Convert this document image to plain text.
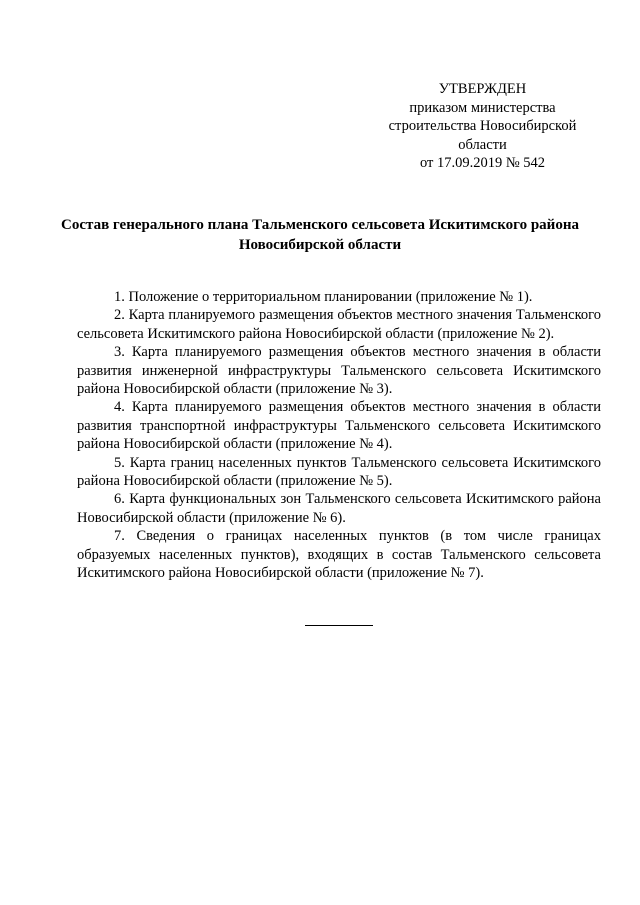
УТВЕРЖДЕН
приказом министерства
строительства Новосибирской
области
от 17.09.2019 № 542
Состав генерального плана Тальменского сельсовета Искитимского района
Новосибирской области

1. Положение о территориальном планировании (приложение № 1).

2. Карта планируемого размещения объектов местного значения Тальменского сельсовета Искитимского района Новосибирской области (приложение № 2).

3. Карта планируемого размещения объектов местного значения в области развития инженерной инфраструктуры Тальменского сельсовета Искитимского района Новосибирской области (приложение № 3).

4. Карта планируемого размещения объектов местного значения в области развития транспортной инфраструктуры Тальменского сельсовета Искитимского района Новосибирской области (приложение № 4).

5. Карта границ населенных пунктов Тальменского сельсовета Искитимского района Новосибирской области (приложение № 5).

6. Карта функциональных зон Тальменского сельсовета Искитимского района Новосибирской области (приложение № 6).

7. Сведения о границах населенных пунктов (в том числе границах образуемых населенных пунктов), входящих в состав Тальменского сельсовета Искитимского района Новосибирской области (приложение № 7).
